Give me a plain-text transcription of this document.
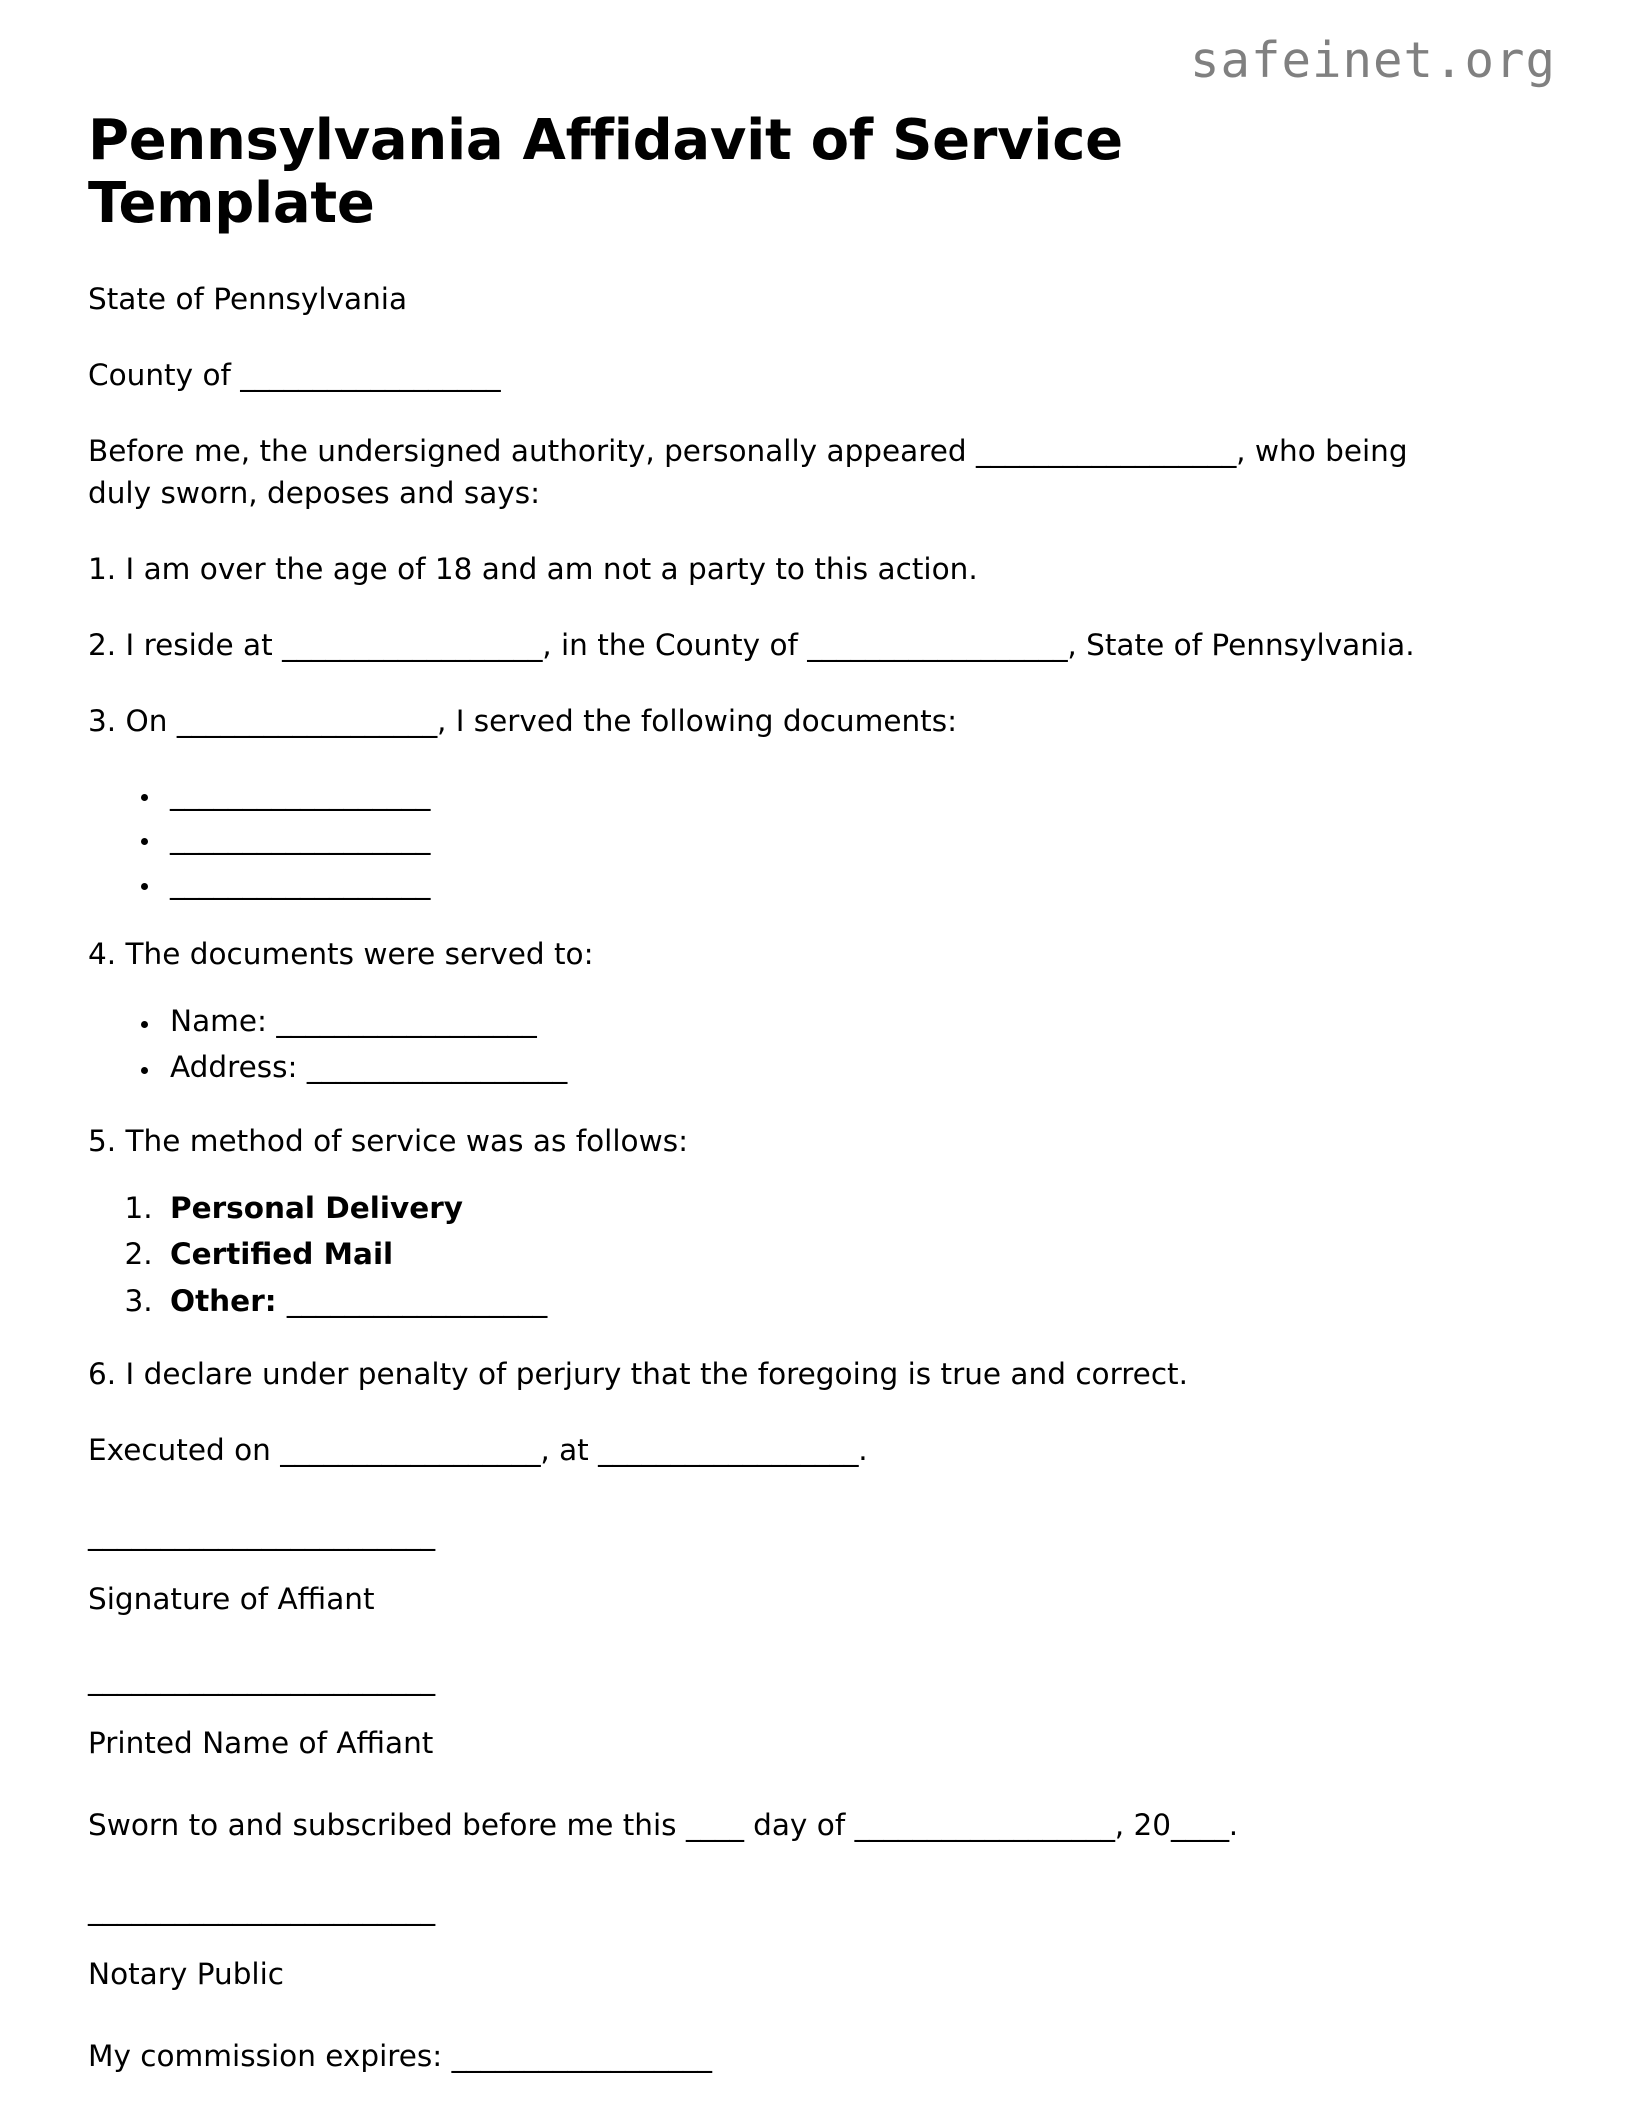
safeinet.org
Pennsylvania Affidavit of Service Template

State of Pennsylvania

County of __________________

Before me, the undersigned authority, personally appeared __________________, who being duly sworn, deposes and says:

1. I am over the age of 18 and am not a party to this action.

2. I reside at __________________, in the County of __________________, State of Pennsylvania.

3. On __________________, I served the following documents:

• __________________
• __________________
• __________________

4. The documents were served to:

• Name: __________________
• Address: __________________

5. The method of service was as follows:

1. Personal Delivery
2. Certified Mail
3. Other: __________________

6. I declare under penalty of perjury that the foregoing is true and correct.

Executed on __________________, at __________________.

________________________

Signature of Affiant

________________________

Printed Name of Affiant

Sworn to and subscribed before me this ____ day of __________________, 20____.

________________________

Notary Public

My commission expires: __________________
